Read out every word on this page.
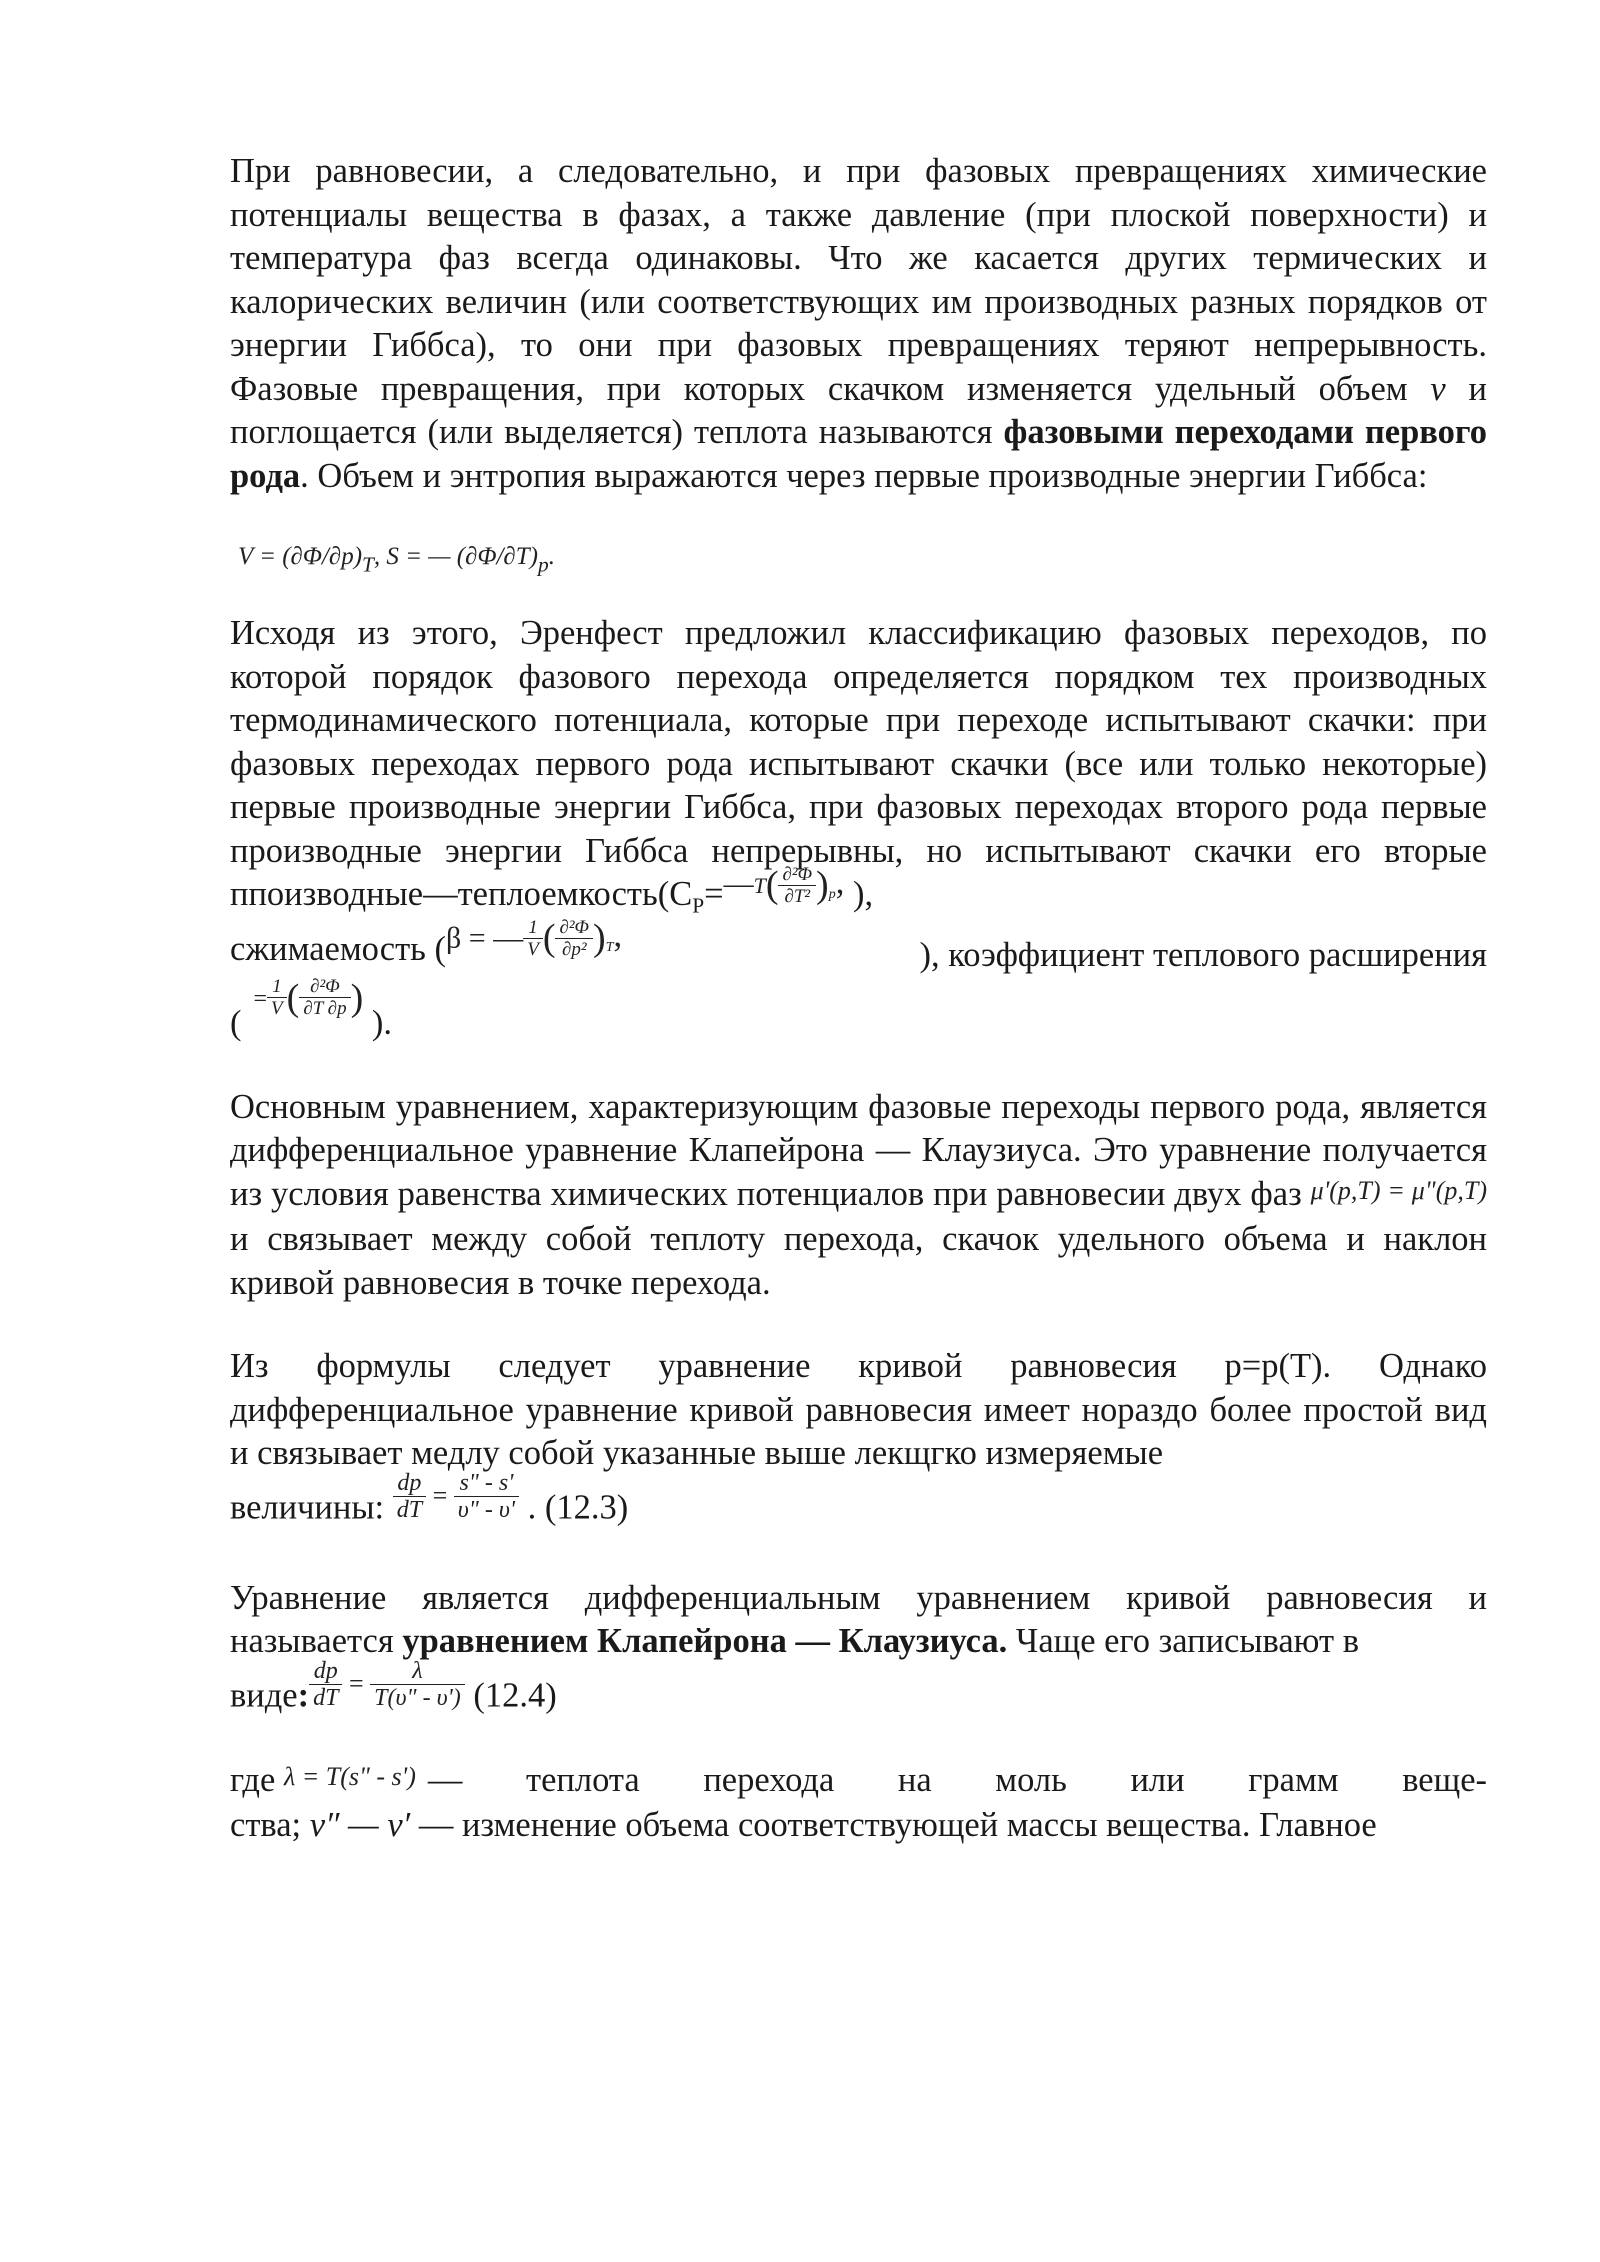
При равновесии, а следовательно, и при фазовых превращениях химические потенциалы вещества в фазах, а также давление (при плоской поверхности) и температура фаз всегда одинаковы. Что же касается других термических и калорических величин (или соответствующих им производных разных порядков от энергии Гиббса), то они при фазовых превращениях теряют непрерывность. Фазовые превращения, при которых скачком изменяется удельный объем v и поглощается (или выделяется) теплота называются фазовыми переходами первого рода. Объем и энтропия выражаются через первые производные энергии Гиббса:

$V = (\partial\Phi/\partial p)_T$, S = — $(\partial\Phi/\partial T)_p$.

Исходя из этого, Эренфест предложил классификацию фазовых переходов, по которой порядок фазового перехода определяется порядком тех производных термодинамического потенциала, которые при переходе испытывают скачки: при фазовых переходах первого рода испытывают скачки (все или только некоторые) первые производные энергии Гиббса, при фазовых переходах второго рода первые производные энергии Гиббса непрерывны, но испытывают скачки его вторые $ппоизводные—теплоемкость(C_P=—T( \frac{\text{∂²Φ}}{\text{∂T²}} )_p$, ),

сжимаемость (β = — $\frac{1}{V}$ ( $\frac{\text{∂²Φ}}{\text{∂p²}} )_T$,
), коэффициент теплового расширения
(= $\frac{1}{V}$ ( $\frac{\text{∂²Φ}}{\partial T \partial p}$ ) ).

Основным уравнением, характеризующим фазовые переходы первого рода, является дифференциальное уравнение Клапейрона — Клаузиуса. Это уравнение получается из условия равенства химических потенциалов при равновесии двух фаз μ'(p,T) = μ"(p,T) и связывает между собой теплоту перехода, скачок удельного объема и наклон кривой равновесия в точке перехода.

Из формулы следует уравнение кривой равновесия p=p(T). Однако дифференциальное уравнение кривой равновесия имеет нораздо более простой вид и связывает медлу собой указанные выше лекщгко измеряемые
величины: $\frac{dp}{dT} = \frac{s" - s'}{\upsilon" - \upsilon'}$ . (12.3)

Уравнение является дифференциальным уравнением кривой равновесия и называется уравнением Клапейрона — Клаузиуса. Чаще его записывают в
виде: $\frac{dp}{dT} = \frac{\lambda}{T(\upsilon" - \upsilon')} (12.4)$

где λ = T(s" - s') — теплота перехода на моль или грамм веще-
ства; v″ — v′ — изменение объема соответствующей массы вещества. Главное
